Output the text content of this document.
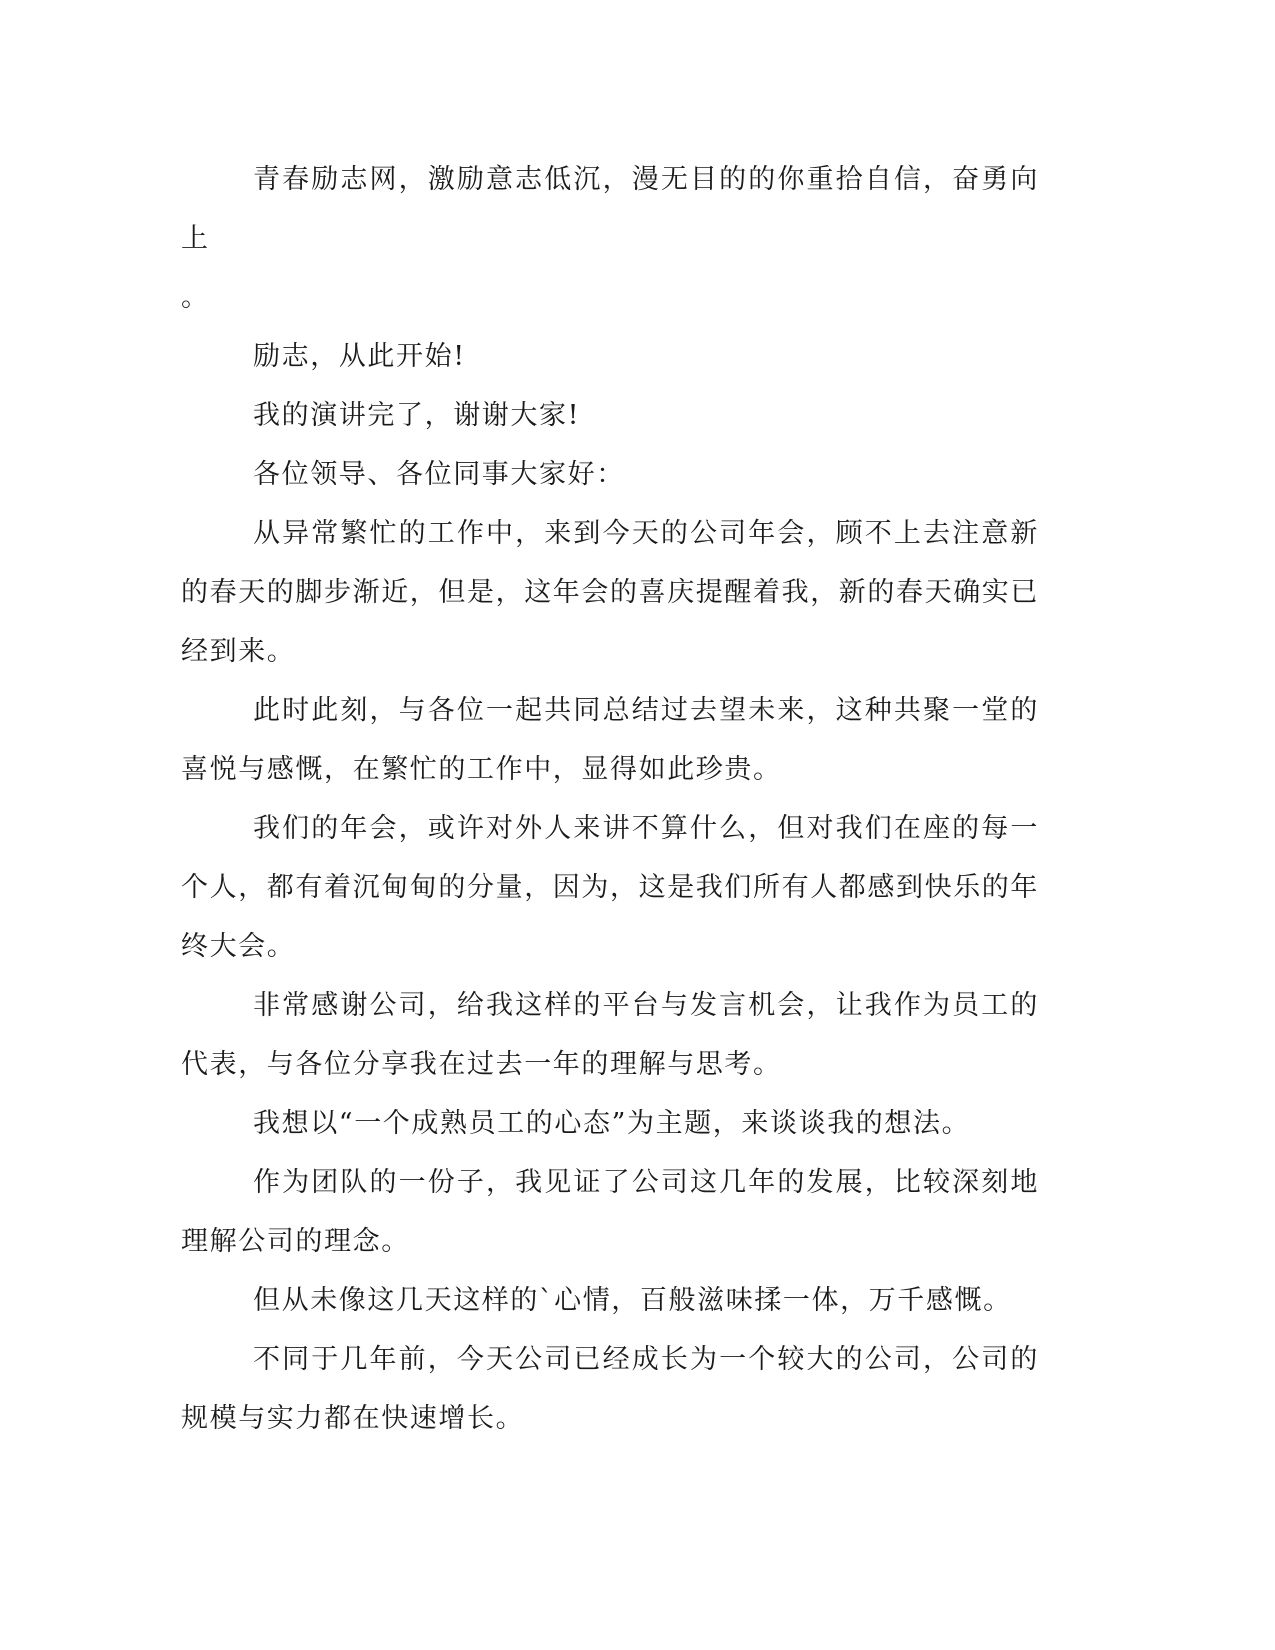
青春励志网，激励意志低沉，漫无目的的你重拾自信，奋勇向上

。

励志，从此开始!

我的演讲完了，谢谢大家!

各位领导、各位同事大家好：

从异常繁忙的工作中，来到今天的公司年会，顾不上去注意新的春天的脚步渐近，但是，这年会的喜庆提醒着我，新的春天确实已经到来。

此时此刻，与各位一起共同总结过去望未来，这种共聚一堂的喜悦与感慨，在繁忙的工作中，显得如此珍贵。

我们的年会，或许对外人来讲不算什么，但对我们在座的每一个人，都有着沉甸甸的分量，因为，这是我们所有人都感到快乐的年终大会。

非常感谢公司，给我这样的平台与发言机会，让我作为员工的代表，与各位分享我在过去一年的理解与思考。

我想以“一个成熟员工的心态”为主题，来谈谈我的想法。

作为团队的一份子，我见证了公司这几年的发展，比较深刻地理解公司的理念。

但从未像这几天这样的`心情，百般滋味揉一体，万千感慨。

不同于几年前，今天公司已经成长为一个较大的公司，公司的规模与实力都在快速增长。
